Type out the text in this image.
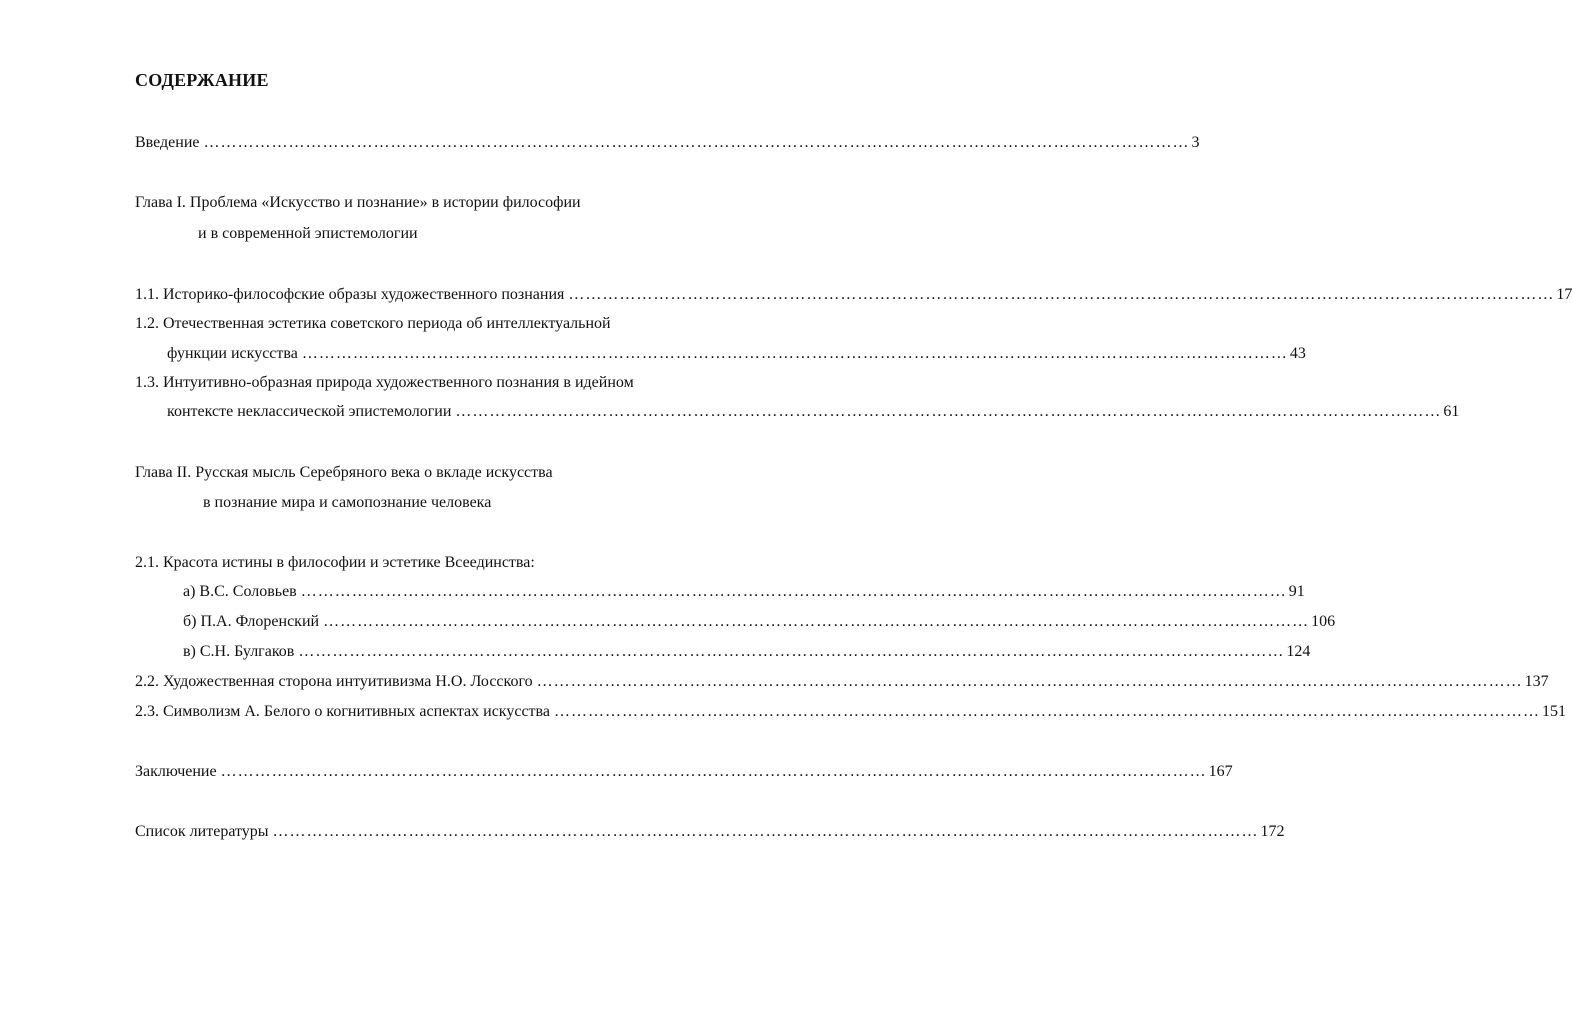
СОДЕРЖАНИЕ
Введение ………………………………………………………………………………………………………………………………………………………… 3
Глава I. Проблема «Искусство и познание» в истории философии
и в современной эпистемологии
1.1. Историко-философские образы художественного познания ………………………………………………………………………………………………………………………………………………………… 17
1.2. Отечественная эстетика советского периода об интеллектуальной
функции искусства ………………………………………………………………………………………………………………………………………………………… 43
1.3. Интуитивно-образная природа художественного познания в идейном
контексте неклассической эпистемологии ………………………………………………………………………………………………………………………………………………………… 61
Глава II. Русская мысль Серебряного века о вкладе искусства
в познание мира и самопознание человека
2.1. Красота истины в философии и эстетике Всеединства:
а) В.С. Соловьев ………………………………………………………………………………………………………………………………………………………… 91
б) П.А. Флоренский ………………………………………………………………………………………………………………………………………………………… 106
в) С.Н. Булгаков ………………………………………………………………………………………………………………………………………………………… 124
2.2. Художественная сторона интуитивизма Н.О. Лосского ………………………………………………………………………………………………………………………………………………………… 137
2.3. Символизм А. Белого о когнитивных аспектах искусства ………………………………………………………………………………………………………………………………………………………… 151
Заключение ………………………………………………………………………………………………………………………………………………………… 167
Список литературы ………………………………………………………………………………………………………………………………………………………… 172
